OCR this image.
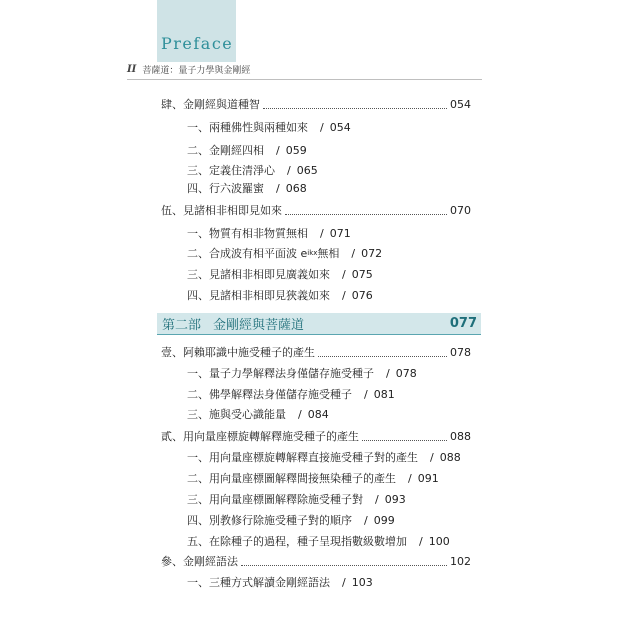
Preface
II 菩薩道：量子力學與金剛經
第二部 金剛經與菩薩道	077
肆、金剛經與道種智	054
一、兩種佛性與兩種如來 / 054
二、金剛經四相 / 059
三、定義住清淨心 / 065
四、行六波羅蜜 / 068
伍、見諸相非相即見如來	070
一、物質有相非物質無相 / 071
二、合成波有相平面波 e ikx 無相 / 072
三、見諸相非相即見廣義如來 / 075
四、見諸相非相即見狹義如來 / 076
壹、阿賴耶識中施受種子的產生	078
一、量子力學解釋法身僅儲存施受種子 / 078
二、佛學解釋法身僅儲存施受種子 / 081
三、施與受心識能量 / 084
貳、用向量座標旋轉解釋施受種子的產生	088
一、用向量座標旋轉解釋直接施受種子對的產生 / 088
二、用向量座標圖解釋間接無染種子的產生 / 091
三、用向量座標圖解釋除施受種子對 / 093
四、別教修行除施受種子對的順序 / 099
五、在除種子的過程，種子呈現指數級數增加 / 100
參、金剛經語法	102
一、三種方式解讀金剛經語法 / 103
